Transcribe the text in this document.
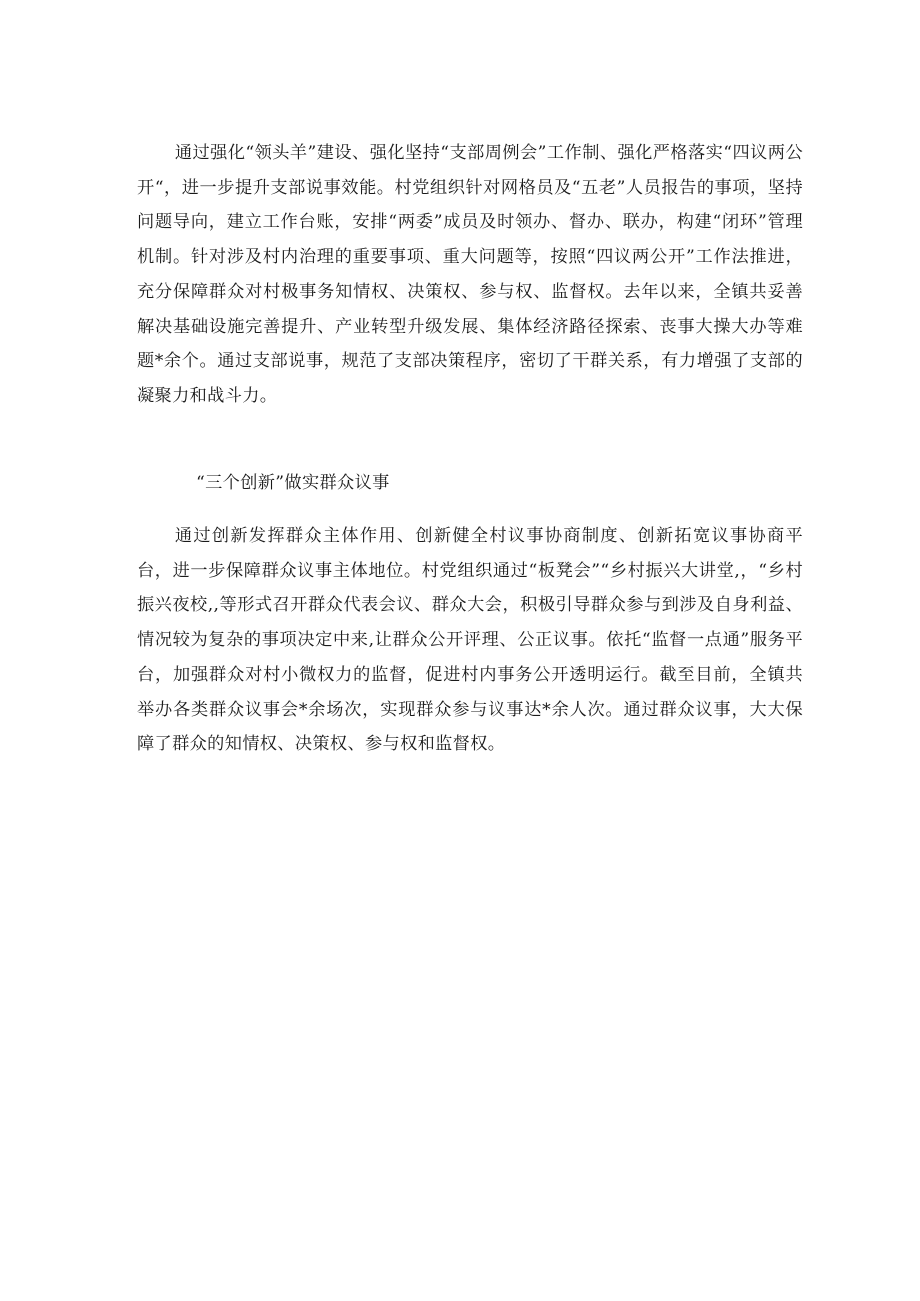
通过强化“领头羊”建设、强化坚持“支部周例会”工作制、强化严格落实“四议两公开“，进一步提升支部说事效能。村党组织针对网格员及“五老”人员报告的事项，坚持问题导向，建立工作台账，安排“两委”成员及时领办、督办、联办，构建“闭环”管理机制。针对涉及村内治理的重要事项、重大问题等，按照“四议两公开”工作法推进，充分保障群众对村极事务知情权、决策权、参与权、监督权。去年以来，全镇共妥善解决基础设施完善提升、产业转型升级发展、集体经济路径探索、丧事大操大办等难题*余个。通过支部说事，规范了支部决策程序，密切了干群关系，有力增强了支部的凝聚力和战斗力。

“三个创新”做实群众议事

通过创新发挥群众主体作用、创新健全村议事协商制度、创新拓宽议事协商平台，进一步保障群众议事主体地位。村党组织通过“板凳会”“乡村振兴大讲堂,，“乡村振兴夜校,,等形式召开群众代表会议、群众大会，积极引导群众参与到涉及自身利益、情况较为复杂的事项决定中来,让群众公开评理、公正议事。依托“监督一点通”服务平台，加强群众对村小微权力的监督，促进村内事务公开透明运行。截至目前，全镇共举办各类群众议事会*余场次，实现群众参与议事达*余人次。通过群众议事，大大保障了群众的知情权、决策权、参与权和监督权。
